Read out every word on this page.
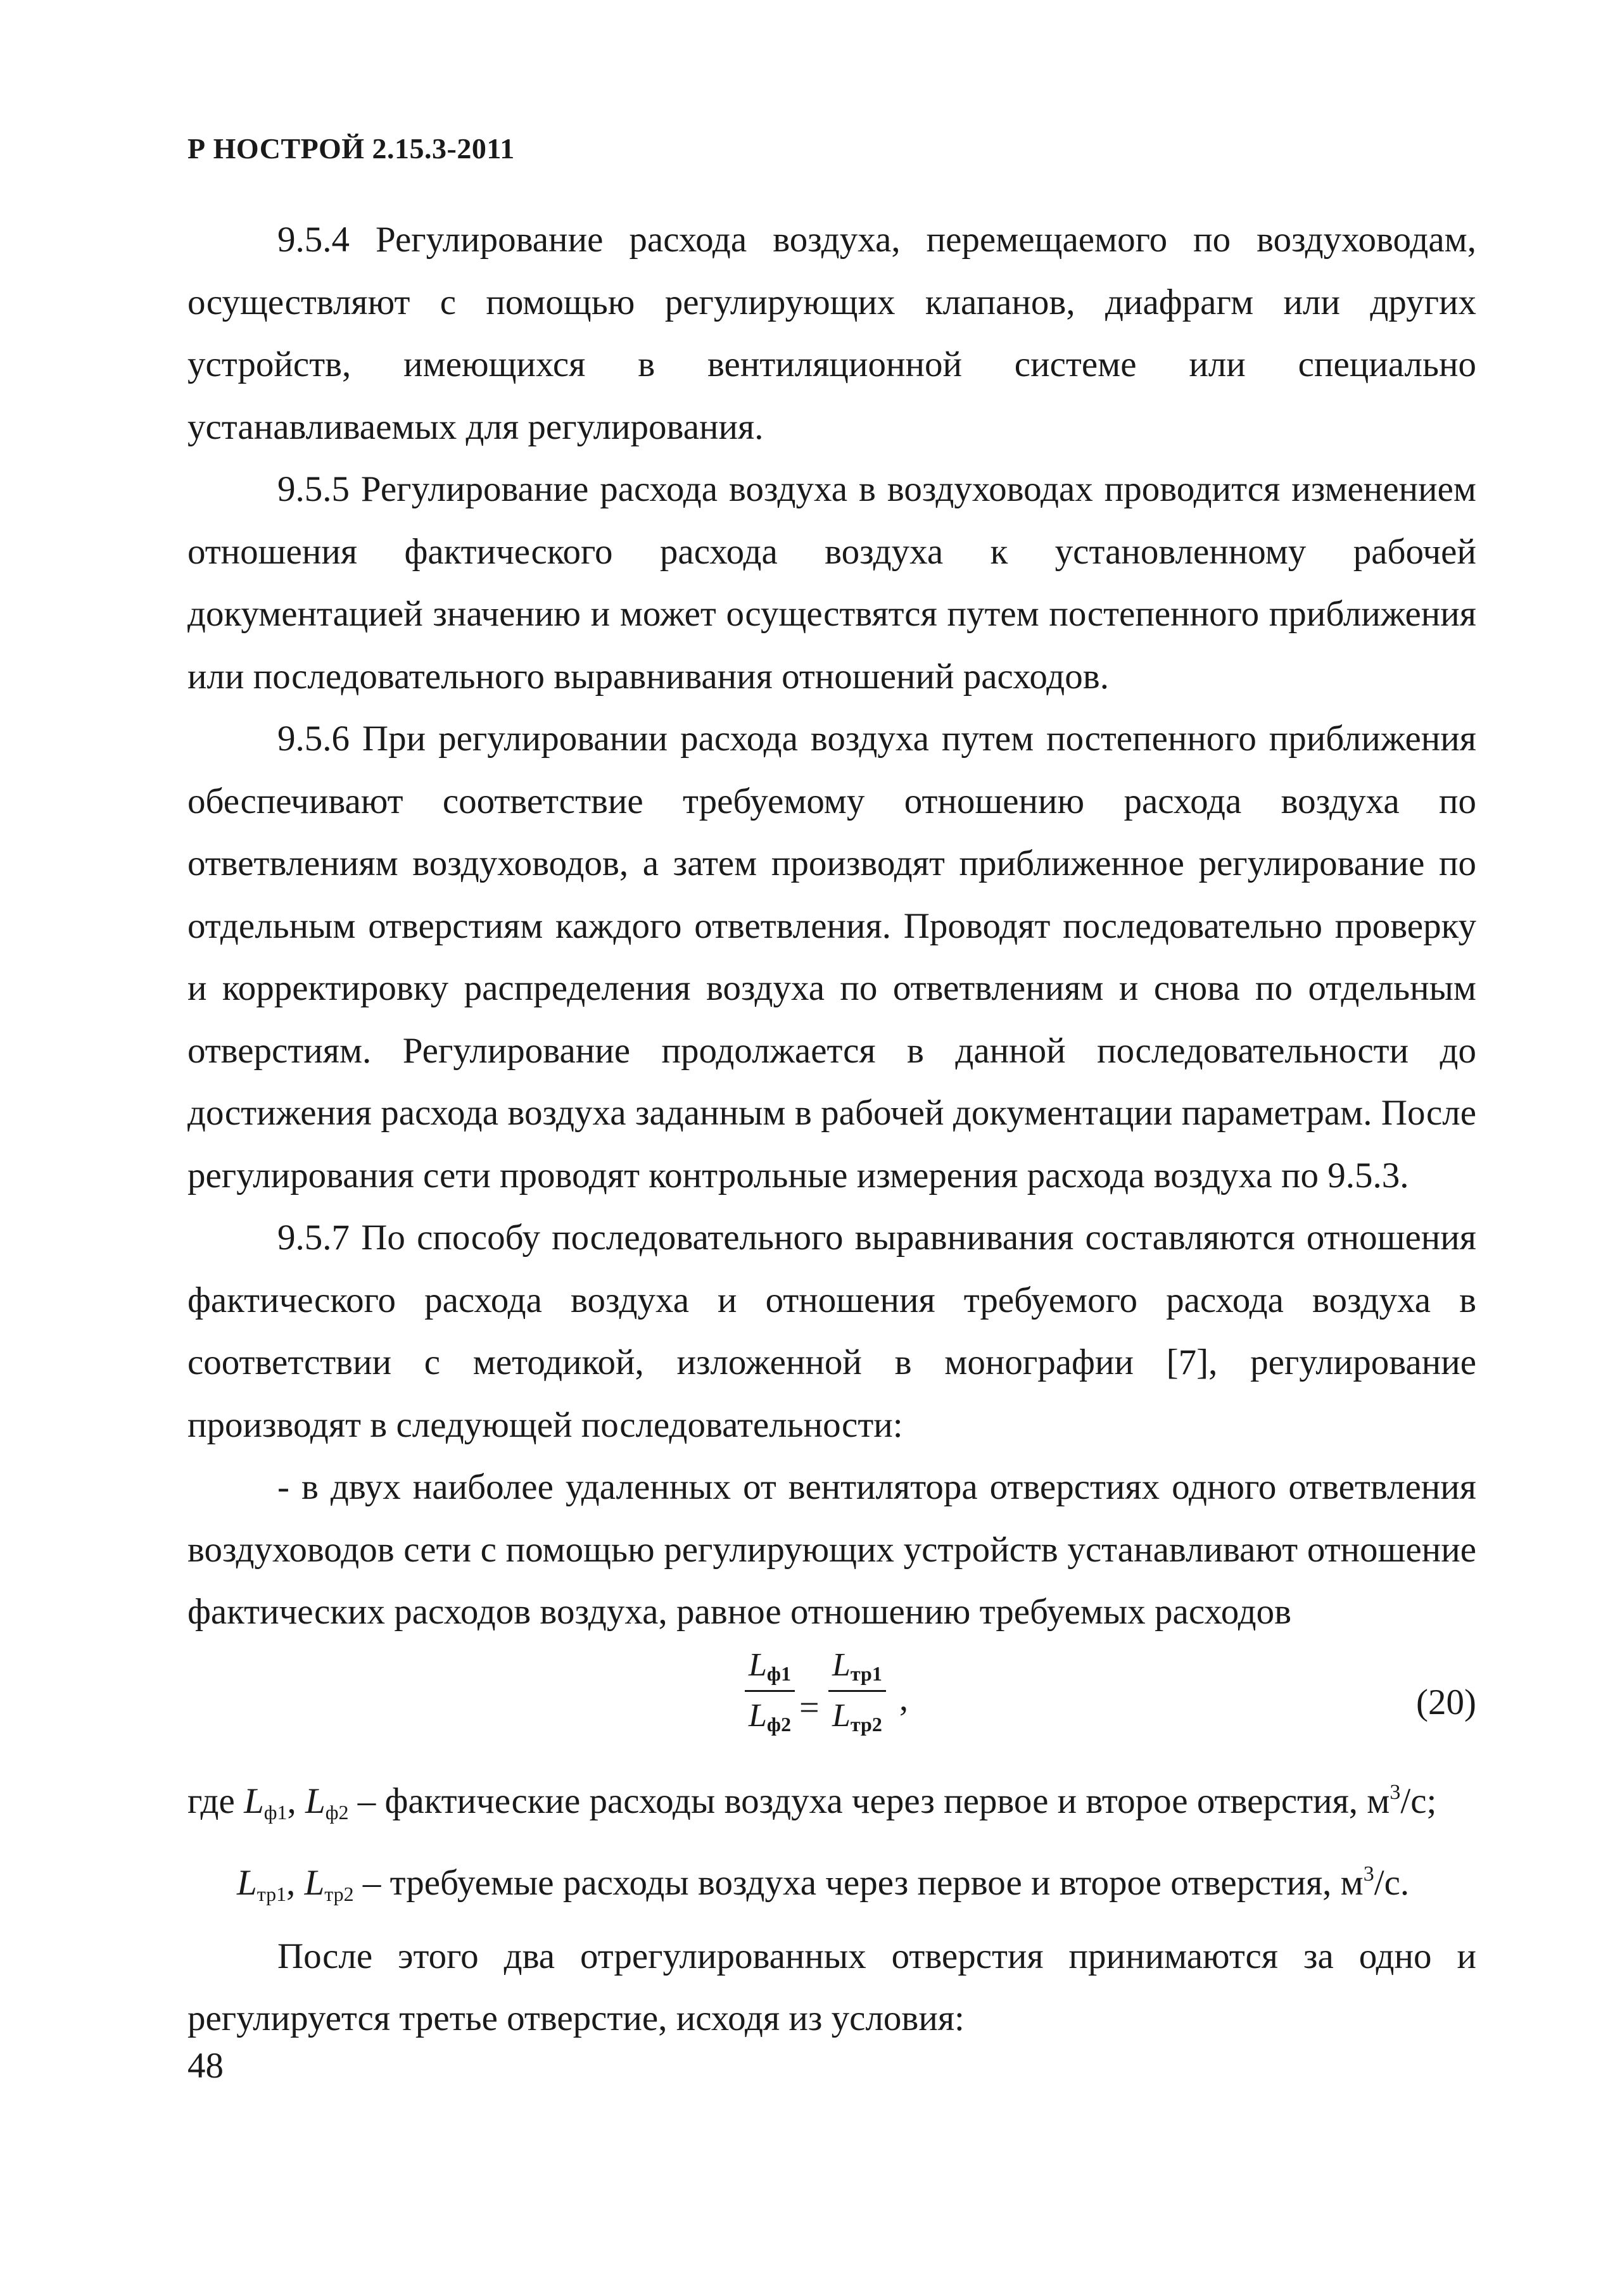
Р НОСТРОЙ 2.15.3-2011

9.5.4 Регулирование расхода воздуха, перемещаемого по воздуховодам, осуществляют с помощью регулирующих клапанов, диафрагм или других устройств, имеющихся в вентиляционной системе или специально устанавливаемых для регулирования.

9.5.5 Регулирование расхода воздуха в воздуховодах проводится изменением отношения фактического расхода воздуха к установленному рабочей документацией значению и может осуществятся путем постепенного приближения или последовательного выравнивания отношений расходов.

9.5.6 При регулировании расхода воздуха путем постепенного приближения обеспечивают соответствие требуемому отношению расхода воздуха по ответвлениям воздуховодов, а затем производят приближенное регулирование по отдельным отверстиям каждого ответвления. Проводят последовательно проверку и корректировку распределения воздуха по ответвлениям и снова по отдельным отверстиям. Регулирование продолжается в данной последовательности до достижения расхода воздуха заданным в рабочей документации параметрам. После регулирования сети проводят контрольные измерения расхода воздуха по 9.5.3.

9.5.7 По способу последовательного выравнивания составляются отношения фактического расхода воздуха и отношения требуемого расхода воздуха в соответствии с методикой, изложенной в монографии [7], регулирование производят в следующей последовательности:

- в двух наиболее удаленных от вентилятора отверстиях одного ответвления воздуховодов сети с помощью регулирующих устройств устанавливают отношение фактических расходов воздуха, равное отношению требуемых расходов

$L_{ф1}$
$L_{ф2}$ =
$L_{тр1}$
$L_{тр2}$
,	(20)

где $L_{ф1}$, $L_{ф2}$ – фактические расходы воздуха через первое и второе отверстия, $м^3/с$;

$L_{тр1}$, $L_{тр2}$ – требуемые расходы воздуха через первое и второе отверстия, $м^3/с$.

После этого два отрегулированных отверстия принимаются за одно и регулируется третье отверстие, исходя из условия:

48
